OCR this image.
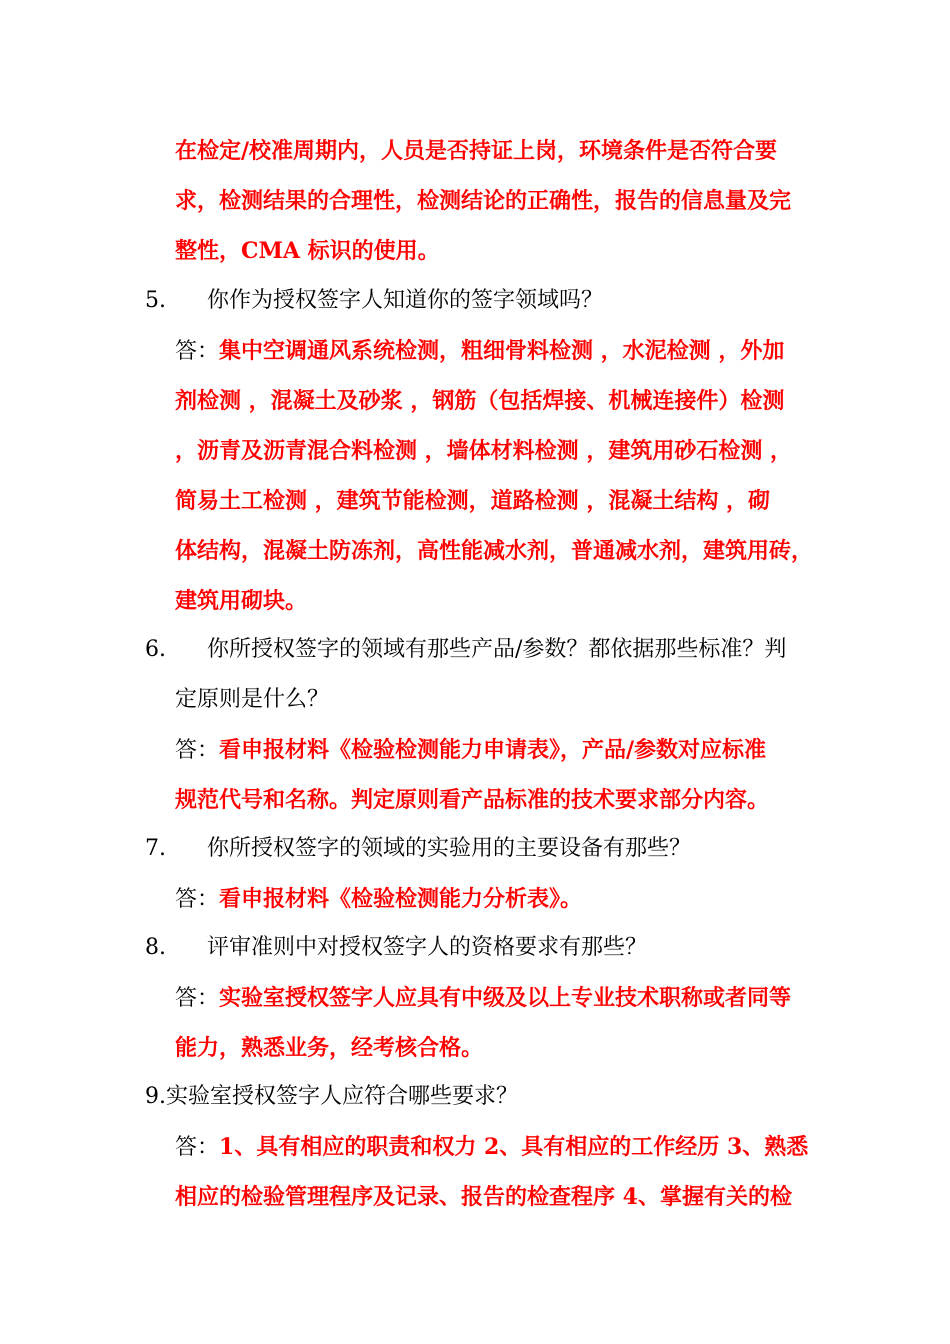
在检定/校准周期内，人员是否持证上岗，环境条件是否符合要
求，检测结果的合理性，检测结论的正确性，报告的信息量及完
整性，CMA 标识的使用。
5. 你作为授权签字人知道你的签字领域吗？
答：集中空调通风系统检测，粗细骨料检测 ，水泥检测 ，外加
剂检测 ，混凝土及砂浆 ，钢筋（包括焊接、机械连接件）检测
，沥青及沥青混合料检测 ，墙体材料检测 ，建筑用砂石检测 ，
简易土工检测 ，建筑节能检测，道路检测 ，混凝土结构 ，砌
体结构，混凝土防冻剂，高性能减水剂，普通减水剂，建筑用砖，
建筑用砌块。
6. 你所授权签字的领域有那些产品/参数？都依据那些标准？判
定原则是什么？
答：看申报材料《检验检测能力申请表》，产品/参数对应标准
规范代号和名称。判定原则看产品标准的技术要求部分内容。
7. 你所授权签字的领域的实验用的主要设备有那些？
答：看申报材料《检验检测能力分析表》。
8. 评审准则中对授权签字人的资格要求有那些？
答：实验室授权签字人应具有中级及以上专业技术职称或者同等
能力，熟悉业务，经考核合格。
9.实验室授权签字人应符合哪些要求？
答：1、具有相应的职责和权力 2、具有相应的工作经历 3、熟悉
相应的检验管理程序及记录、报告的检查程序 4、掌握有关的检
